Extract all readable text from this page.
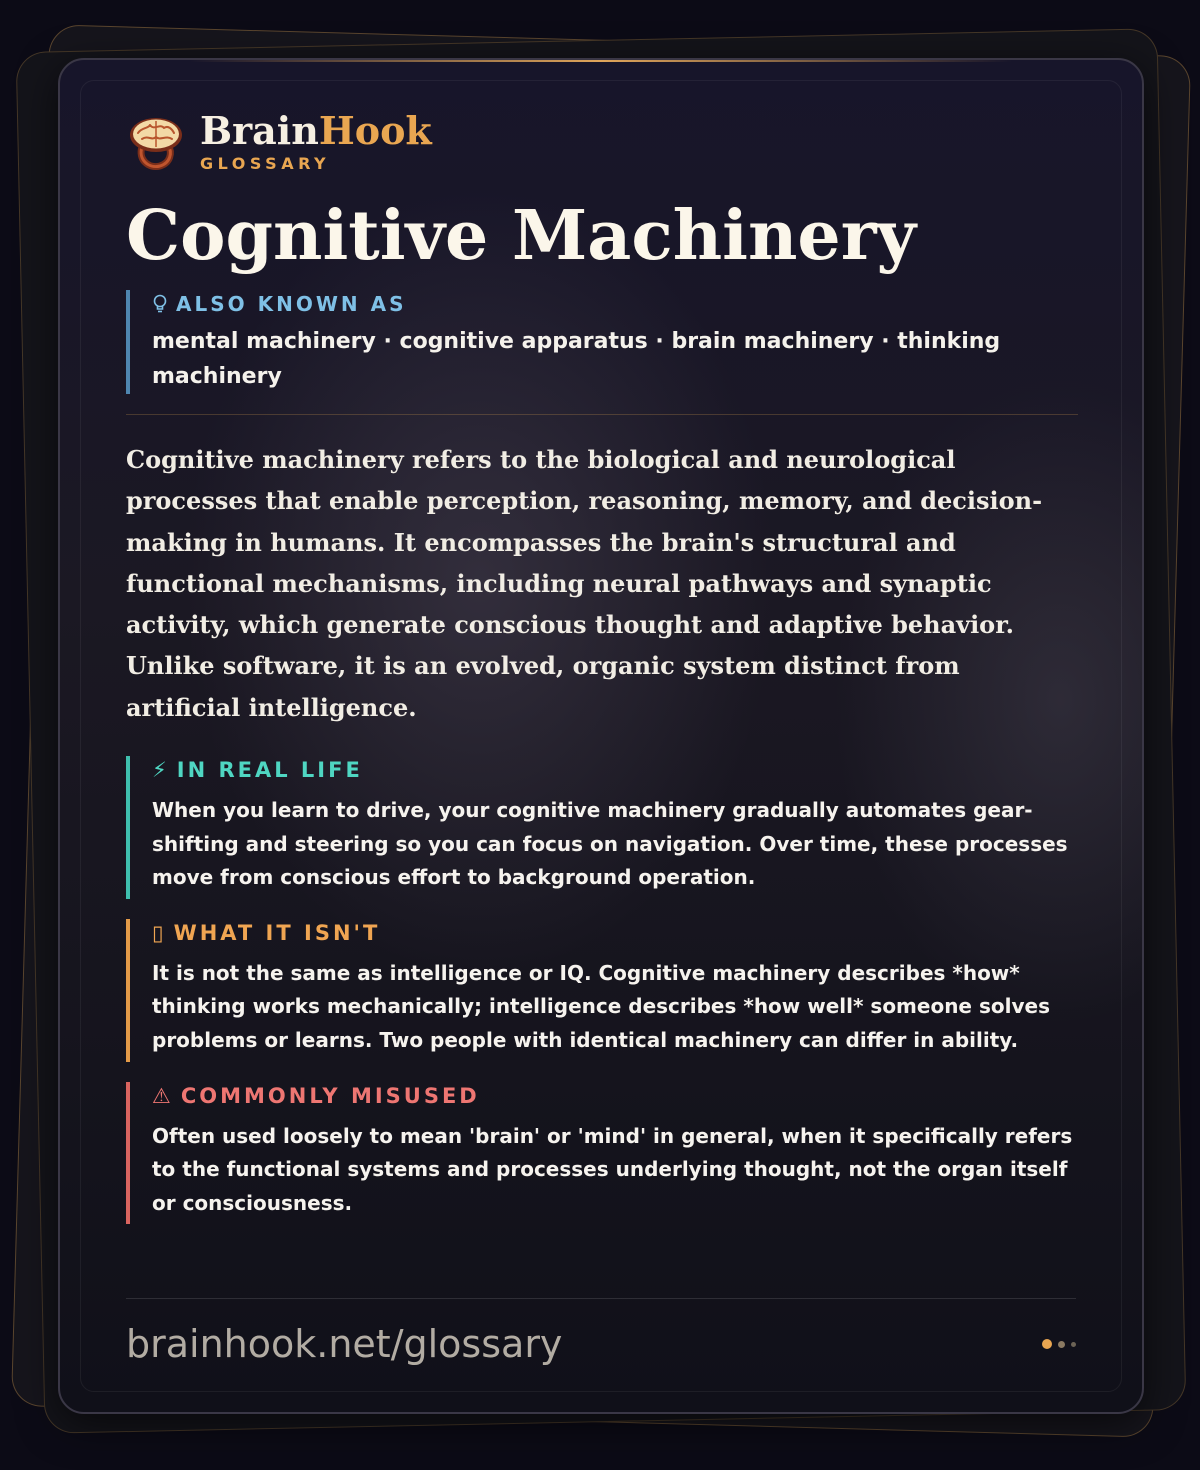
BrainHook
GLOSSARY
Cognitive Machinery
ALSO KNOWN AS
mental machinery · cognitive apparatus · brain machinery · thinking machinery
Cognitive machinery refers to the biological and neurological processes that enable perception, reasoning, memory, and decision-making in humans. It encompasses the brain's structural and functional mechanisms, including neural pathways and synaptic activity, which generate conscious thought and adaptive behavior. Unlike software, it is an evolved, organic system distinct from artificial intelligence.
⚡ IN REAL LIFE
When you learn to drive, your cognitive machinery gradually automates gear-shifting and steering so you can focus on navigation. Over time, these processes move from conscious effort to background operation.
▯ WHAT IT ISN'T
It is not the same as intelligence or IQ. Cognitive machinery describes *how* thinking works mechanically; intelligence describes *how well* someone solves problems or learns. Two people with identical machinery can differ in ability.
⚠ COMMONLY MISUSED
Often used loosely to mean 'brain' or 'mind' in general, when it specifically refers to the functional systems and processes underlying thought, not the organ itself or consciousness.
brainhook.net/glossary
